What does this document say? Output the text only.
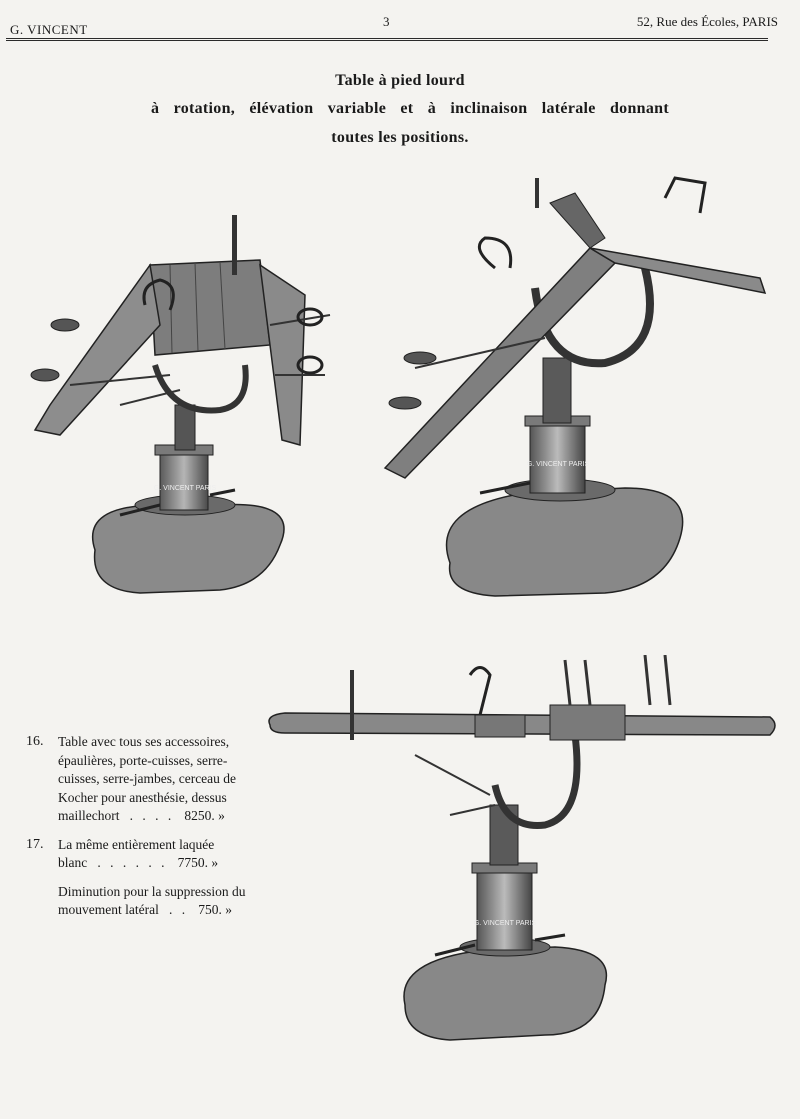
G. VINCENT
3	52, Rue des Écoles, PARIS
Table à pied lourd
à rotation, élévation variable et à inclinaison latérale donnant
toutes les positions.
G. VINCENT PARIS
G. VINCENT PARIS
G. VINCENT PARIS
16. Table avec tous ses accessoires,
épaulières, porte-cuisses, serre-
cuisses, serre-jambes, cerceau de
Kocher pour anesthésie, dessus
maillechort . . . . 8250. »
17. La même entièrement laquée
blanc . . . . . . 7750. »
Diminution pour la suppression du
mouvement latéral . . 750. »
